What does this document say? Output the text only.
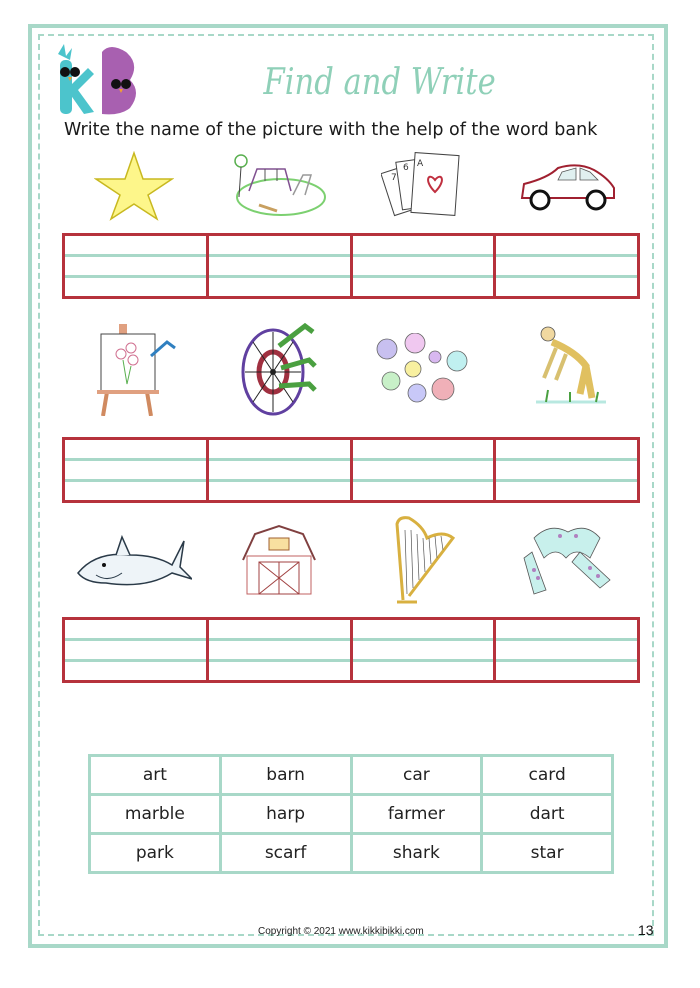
Find and Write
Write the name of the picture with the help of the word bank
A
6
7
art	barn	car	card
marble	harp	farmer	dart
park	scarf	shark	star
Copyright © 2021 www.kikkibikki.com	13
